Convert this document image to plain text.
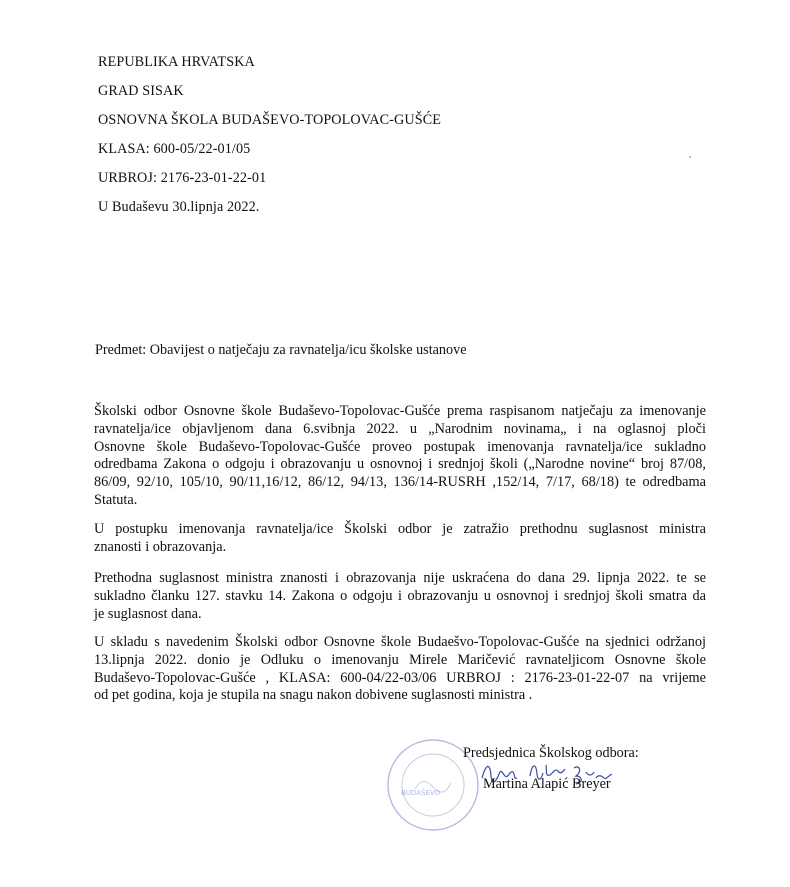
REPUBLIKA HRVATSKA
GRAD SISAK
OSNOVNA ŠKOLA BUDAŠEVO-TOPOLOVAC-GUŠĆE
KLASA: 600-05/22-01/05
URBROJ: 2176-23-01-22-01
U Budaševu 30.lipnja 2022.
Predmet: Obavijest o natječaju za ravnatelja/icu školske ustanove
Školski odbor Osnovne škole Budaševo-Topolovac-Gušće prema raspisanom natječaju za imenovanje
ravnatelja/ice objavljenom dana 6.svibnja 2022. u „Narodnim novinama„ i na oglasnoj ploči
Osnovne škole Budaševo-Topolovac-Gušće proveo postupak imenovanja ravnatelja/ice sukladno
odredbama Zakona o odgoju i obrazovanju u osnovnoj i srednjoj školi („Narodne novine“ broj 87/08,
86/09, 92/10, 105/10, 90/11,16/12, 86/12, 94/13, 136/14-RUSRH ,152/14, 7/17, 68/18) te odredbama
Statuta.
U postupku imenovanja ravnatelja/ice Školski odbor je zatražio prethodnu suglasnost ministra
znanosti i obrazovanja.
Prethodna suglasnost ministra znanosti i obrazovanja nije uskraćena do dana 29. lipnja 2022. te se
sukladno članku 127. stavku 14. Zakona o odgoju i obrazovanju u osnovnoj i srednjoj školi smatra da
je suglasnost dana.
U skladu s navedenim Školski odbor Osnovne škole Budaešvo-Topolovac-Gušće na sjednici održanoj
13.lipnja 2022. donio je Odluku o imenovanju Mirele Maričević ravnateljicom Osnovne škole
Budaševo-Topolovac-Gušće , KLASA: 600-04/22-03/06 URBROJ : 2176-23-01-22-07 na vrijeme
od pet godina, koja je stupila na snagu nakon dobivene suglasnosti ministra .
BUDAŠEVO
Predsjednica Školskog odbora:
Martina Alapić Breyer
